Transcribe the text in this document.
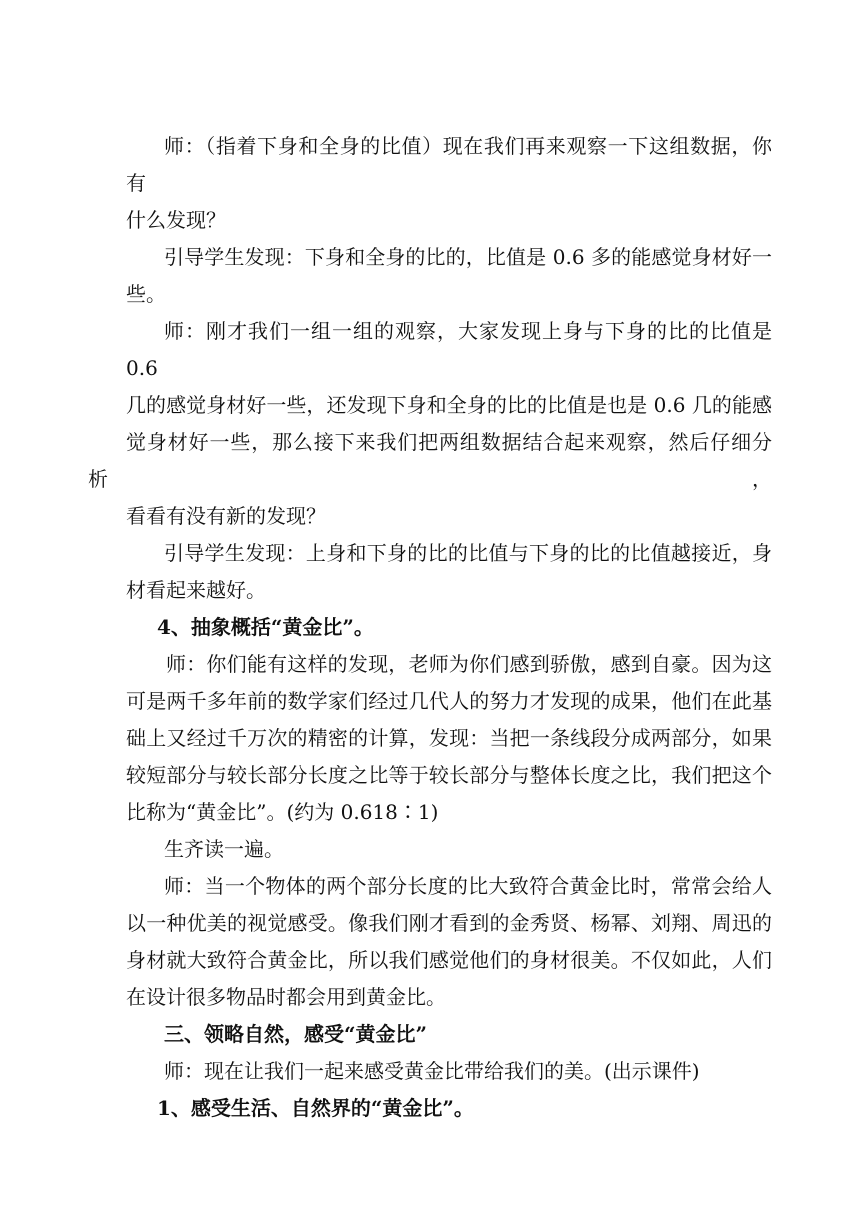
师：（指着下身和全身的比值）现在我们再来观察一下这组数据，你有
什么发现？

引导学生发现：下身和全身的比的，比值是 0.6 多的能感觉身材好一
些。

师：刚才我们一组一组的观察，大家发现上身与下身的比的比值是 0.6
几的感觉身材好一些，还发现下身和全身的比的比值是也是 0.6 几的能感
觉身材好一些，那么接下来我们把两组数据结合起来观察，然后仔细分析，
看看有没有新的发现？

引导学生发现：上身和下身的比的比值与下身的比的比值越接近，身
材看起来越好。

4、抽象概括“黄金比”。

师：你们能有这样的发现，老师为你们感到骄傲，感到自豪。因为这
可是两千多年前的数学家们经过几代人的努力才发现的成果，他们在此基
础上又经过千万次的精密的计算，发现：当把一条线段分成两部分，如果
较短部分与较长部分长度之比等于较长部分与整体长度之比，我们把这个
比称为“黄金比”。(约为 0.618∶1)

生齐读一遍。

师：当一个物体的两个部分长度的比大致符合黄金比时，常常会给人
以一种优美的视觉感受。像我们刚才看到的金秀贤、杨幂、刘翔、周迅的
身材就大致符合黄金比，所以我们感觉他们的身材很美。不仅如此，人们
在设计很多物品时都会用到黄金比。

三、领略自然，感受“黄金比”

师：现在让我们一起来感受黄金比带给我们的美。(出示课件)

1、感受生活、自然界的“黄金比”。
